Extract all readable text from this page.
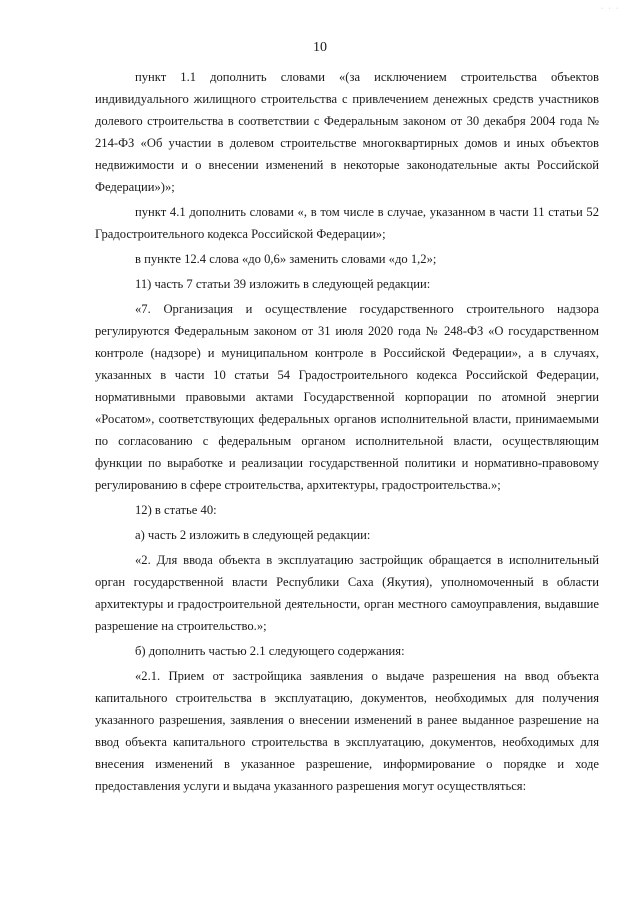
· · ·
10

пункт 1.1 дополнить словами «(за исключением строительства объектов индивидуального жилищного строительства с привлечением денежных средств участников долевого строительства в соответствии с Федеральным законом от 30 декабря 2004 года № 214-ФЗ «Об участии в долевом строительстве многоквартирных домов и иных объектов недвижимости и о внесении изменений в некоторые законодательные акты Российской Федерации»)»;

пункт 4.1 дополнить словами «, в том числе в случае, указанном в части 11 статьи 52 Градостроительного кодекса Российской Федерации»;

в пункте 12.4 слова «до 0,6» заменить словами «до 1,2»;

11) часть 7 статьи 39 изложить в следующей редакции:

«7. Организация и осуществление государственного строительного надзора регулируются Федеральным законом от 31 июля 2020 года № 248-ФЗ «О государственном контроле (надзоре) и муниципальном контроле в Российской Федерации», а в случаях, указанных в части 10 статьи 54 Градостроительного кодекса Российской Федерации, нормативными правовыми актами Государственной корпорации по атомной энергии «Росатом», соответствующих федеральных органов исполнительной власти, принимаемыми по согласованию с федеральным органом исполнительной власти, осуществляющим функции по выработке и реализации государственной политики и нормативно-правовому регулированию в сфере строительства, архитектуры, градостроительства.»;

12) в статье 40:

а) часть 2 изложить в следующей редакции:

«2. Для ввода объекта в эксплуатацию застройщик обращается в исполнительный орган государственной власти Республики Саха (Якутия), уполномоченный в области архитектуры и градостроительной деятельности, орган местного самоуправления, выдавшие разрешение на строительство.»;

б) дополнить частью 2.1 следующего содержания:

«2.1. Прием от застройщика заявления о выдаче разрешения на ввод объекта капитального строительства в эксплуатацию, документов, необходимых для получения указанного разрешения, заявления о внесении изменений в ранее выданное разрешение на ввод объекта капитального строительства в эксплуатацию, документов, необходимых для внесения изменений в указанное разрешение, информирование о порядке и ходе предоставления услуги и выдача указанного разрешения могут осуществляться:
